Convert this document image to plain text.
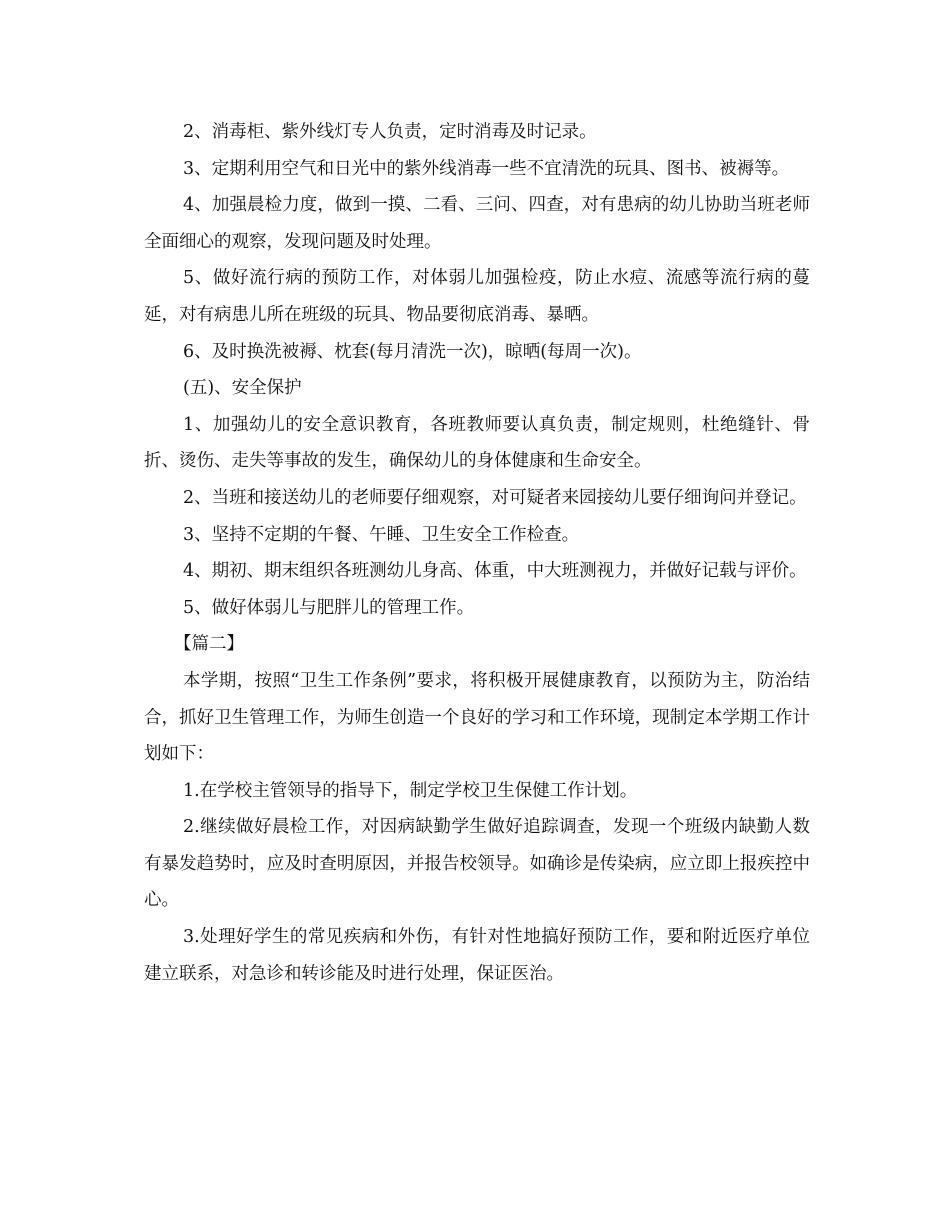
2、消毒柜、紫外线灯专人负责，定时消毒及时记录。

3、定期利用空气和日光中的紫外线消毒一些不宜清洗的玩具、图书、被褥等。

4、加强晨检力度，做到一摸、二看、三问、四查，对有患病的幼儿协助当班老师全面细心的观察，发现问题及时处理。

5、做好流行病的预防工作，对体弱儿加强检疫，防止水痘、流感等流行病的蔓延，对有病患儿所在班级的玩具、物品要彻底消毒、暴晒。

6、及时换洗被褥、枕套(每月清洗一次)，晾晒(每周一次)。

(五)、安全保护

1、加强幼儿的安全意识教育，各班教师要认真负责，制定规则，杜绝缝针、骨折、烫伤、走失等事故的发生，确保幼儿的身体健康和生命安全。

2、当班和接送幼儿的老师要仔细观察，对可疑者来园接幼儿要仔细询问并登记。

3、坚持不定期的午餐、午睡、卫生安全工作检查。

4、期初、期末组织各班测幼儿身高、体重，中大班测视力，并做好记载与评价。

5、做好体弱儿与肥胖儿的管理工作。

【篇二】

本学期，按照“卫生工作条例”要求，将积极开展健康教育，以预防为主，防治结合，抓好卫生管理工作，为师生创造一个良好的学习和工作环境，现制定本学期工作计划如下：

1.在学校主管领导的指导下，制定学校卫生保健工作计划。

2.继续做好晨检工作，对因病缺勤学生做好追踪调查，发现一个班级内缺勤人数有暴发趋势时，应及时查明原因，并报告校领导。如确诊是传染病，应立即上报疾控中心。

3.处理好学生的常见疾病和外伤，有针对性地搞好预防工作，要和附近医疗单位建立联系，对急诊和转诊能及时进行处理，保证医治。
